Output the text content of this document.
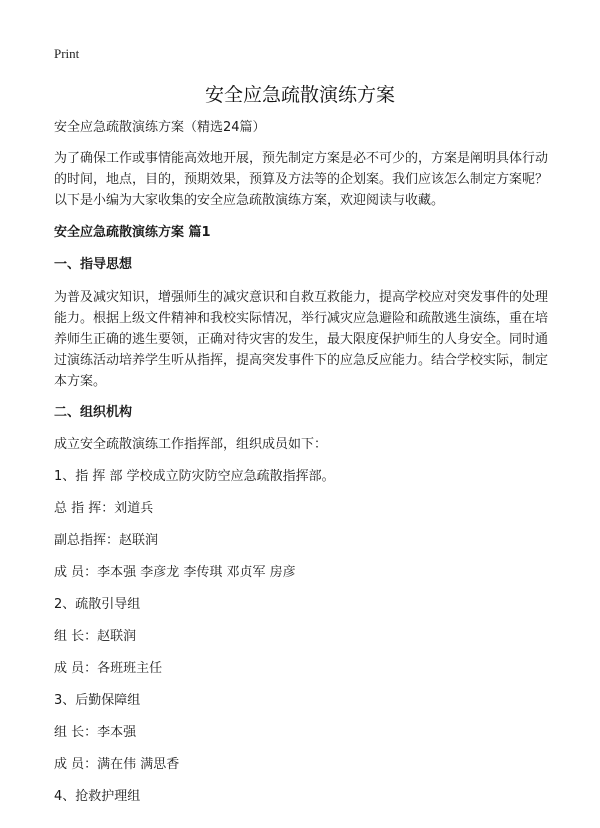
Print
安全应急疏散演练方案

安全应急疏散演练方案（精选24篇）

为了确保工作或事情能高效地开展，预先制定方案是必不可少的，方案是阐明具体行动的时间，地点，目的，预期效果，预算及方法等的企划案。我们应该怎么制定方案呢？以下是小编为大家收集的安全应急疏散演练方案，欢迎阅读与收藏。

安全应急疏散演练方案 篇1

一、指导思想

为普及减灾知识，增强师生的减灾意识和自救互救能力，提高学校应对突发事件的处理能力。根据上级文件精神和我校实际情况，举行减灾应急避险和疏散逃生演练，重在培养师生正确的逃生要领，正确对待灾害的发生，最大限度保护师生的人身安全。同时通过演练活动培养学生听从指挥，提高突发事件下的应急反应能力。结合学校实际，制定本方案。

二、组织机构

成立安全疏散演练工作指挥部，组织成员如下：

1、指 挥 部 学校成立防灾防空应急疏散指挥部。

总 指 挥：刘道兵

副总指挥：赵联润

成 员：李本强 李彦龙 李传琪 邓贞军 房彦

2、疏散引导组

组 长：赵联润

成 员：各班班主任

3、后勤保障组

组 长：李本强

成 员：满在伟 满思香

4、抢救护理组
